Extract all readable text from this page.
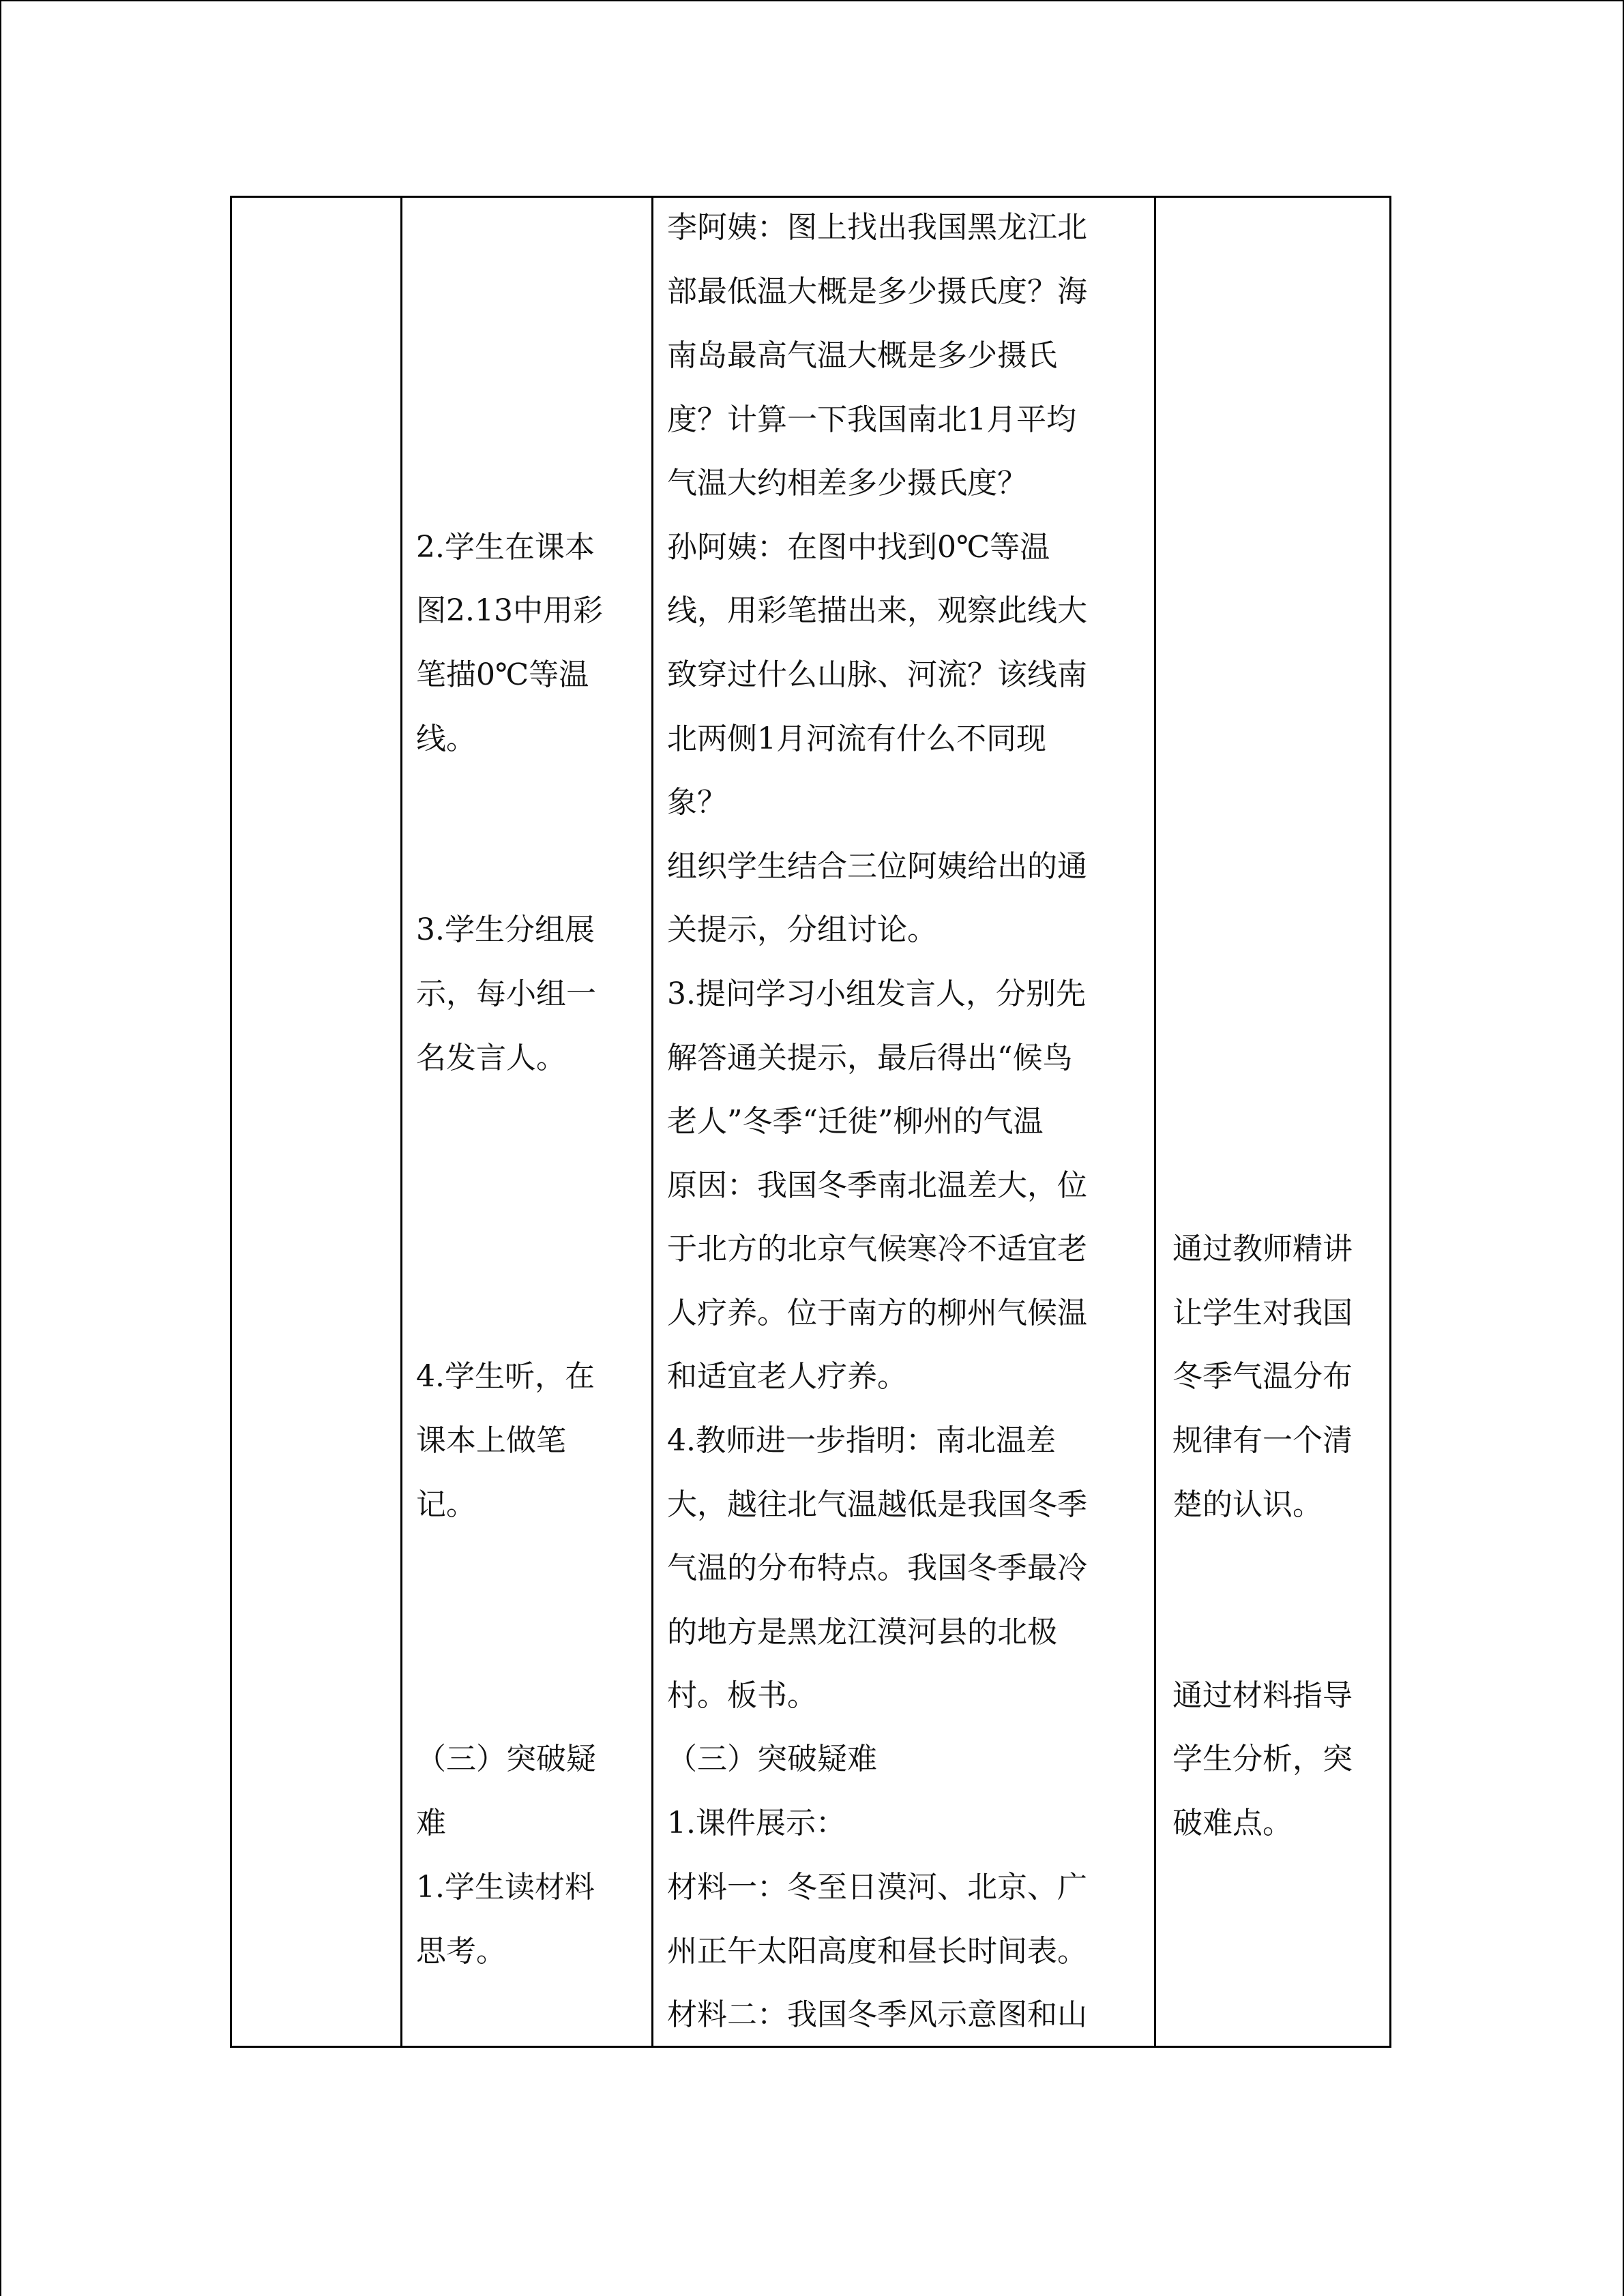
2.学生在课本
图2.13中用彩
笔描0℃等温
线。
3.学生分组展
示，每小组一
名发言人。
4.学生听，在
课本上做笔
记。
（三）突破疑
难
1.学生读材料
思考。
李阿姨：图上找出我国黑龙江北
部最低温大概是多少摄氏度？海
南岛最高气温大概是多少摄氏
度？计算一下我国南北1月平均
气温大约相差多少摄氏度？
孙阿姨：在图中找到0℃等温
线，用彩笔描出来，观察此线大
致穿过什么山脉、河流？该线南
北两侧1月河流有什么不同现
象？
组织学生结合三位阿姨给出的通
关提示，分组讨论。
3.提问学习小组发言人，分别先
解答通关提示，最后得出“候鸟
老人”冬季“迁徙”柳州的气温
原因：我国冬季南北温差大，位
于北方的北京气候寒冷不适宜老
人疗养。位于南方的柳州气候温
和适宜老人疗养。
4.教师进一步指明：南北温差
大，越往北气温越低是我国冬季
气温的分布特点。我国冬季最冷
的地方是黑龙江漠河县的北极
村。板书。
（三）突破疑难
1.课件展示：
材料一：冬至日漠河、北京、广
州正午太阳高度和昼长时间表。
材料二：我国冬季风示意图和山
通过教师精讲
让学生对我国
冬季气温分布
规律有一个清
楚的认识。
通过材料指导
学生分析，突
破难点。
